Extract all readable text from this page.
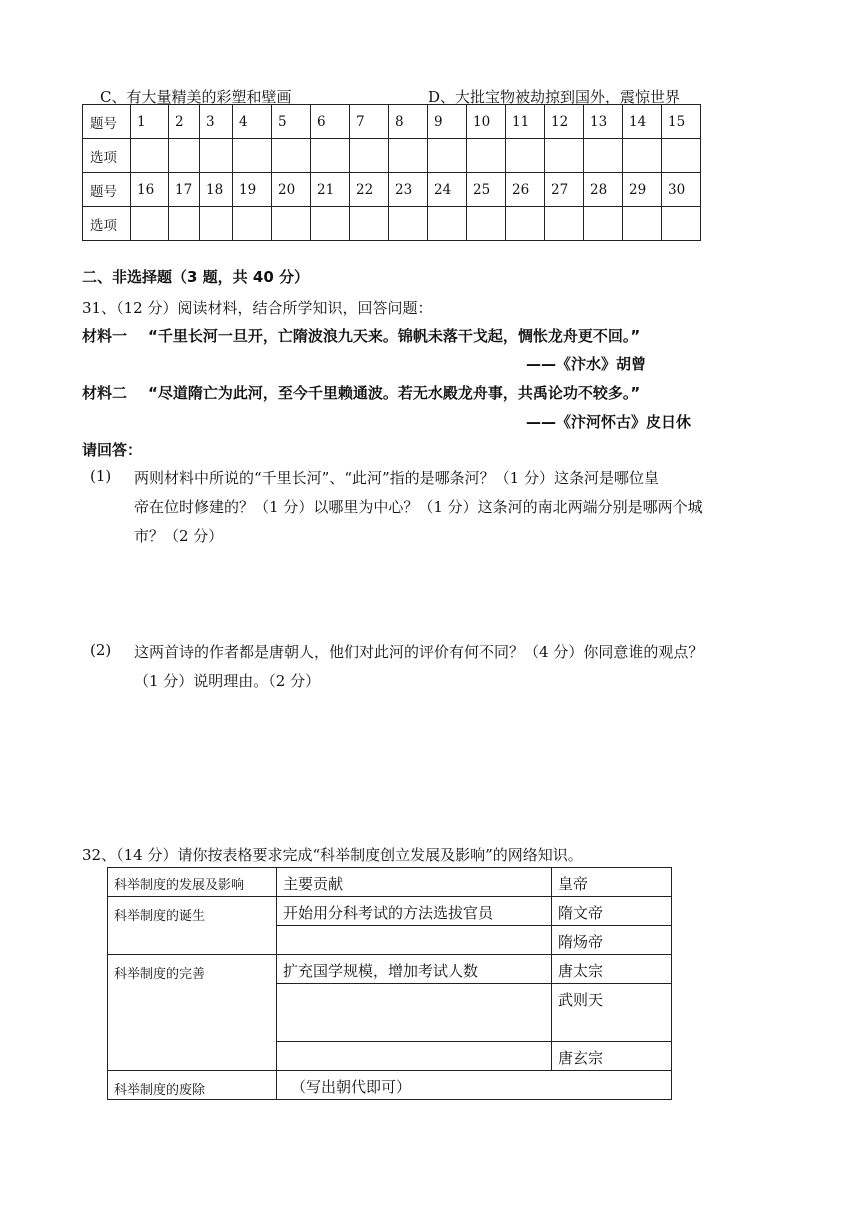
C、有大量精美的彩塑和壁画	D、大批宝物被劫掠到国外，震惊世界
题号	1	2	3	4	5	6	7	8	9	10	11	12	13	14	15
选项															
题号	16	17	18	19	20	21	22	23	24	25	26	27	28	29	30
选项															
二、非选择题（3 题，共 40 分）
31、（12 分）阅读材料，结合所学知识，回答问题：
材料一 “千里长河一旦开，亡隋波浪九天来。锦帆未落干戈起，惆怅龙舟更不回。”
——《汴水》胡曾
材料二 “尽道隋亡为此河，至今千里赖通波。若无水殿龙舟事，共禹论功不较多。”
——《汴河怀古》皮日休
请回答：
(1) 两则材料中所说的“千里长河”、“此河”指的是哪条河？（1 分）这条河是哪位皇
帝在位时修建的？（1 分）以哪里为中心？（1 分）这条河的南北两端分别是哪两个城
市？（2 分）
(2) 这两首诗的作者都是唐朝人，他们对此河的评价有何不同？（4 分）你同意谁的观点？
（1 分）说明理由。（2 分）
32、（14 分）请你按表格要求完成“科举制度创立发展及影响”的网络知识。
科举制度的发展及影响	主要贡献	皇帝
科举制度的诞生	开始用分科考试的方法选拔官员	隋文帝
		隋炀帝
科举制度的完善	扩充国学规模，增加考试人数	唐太宗
		武则天
		唐玄宗
科举制度的废除	（写出朝代即可）	
